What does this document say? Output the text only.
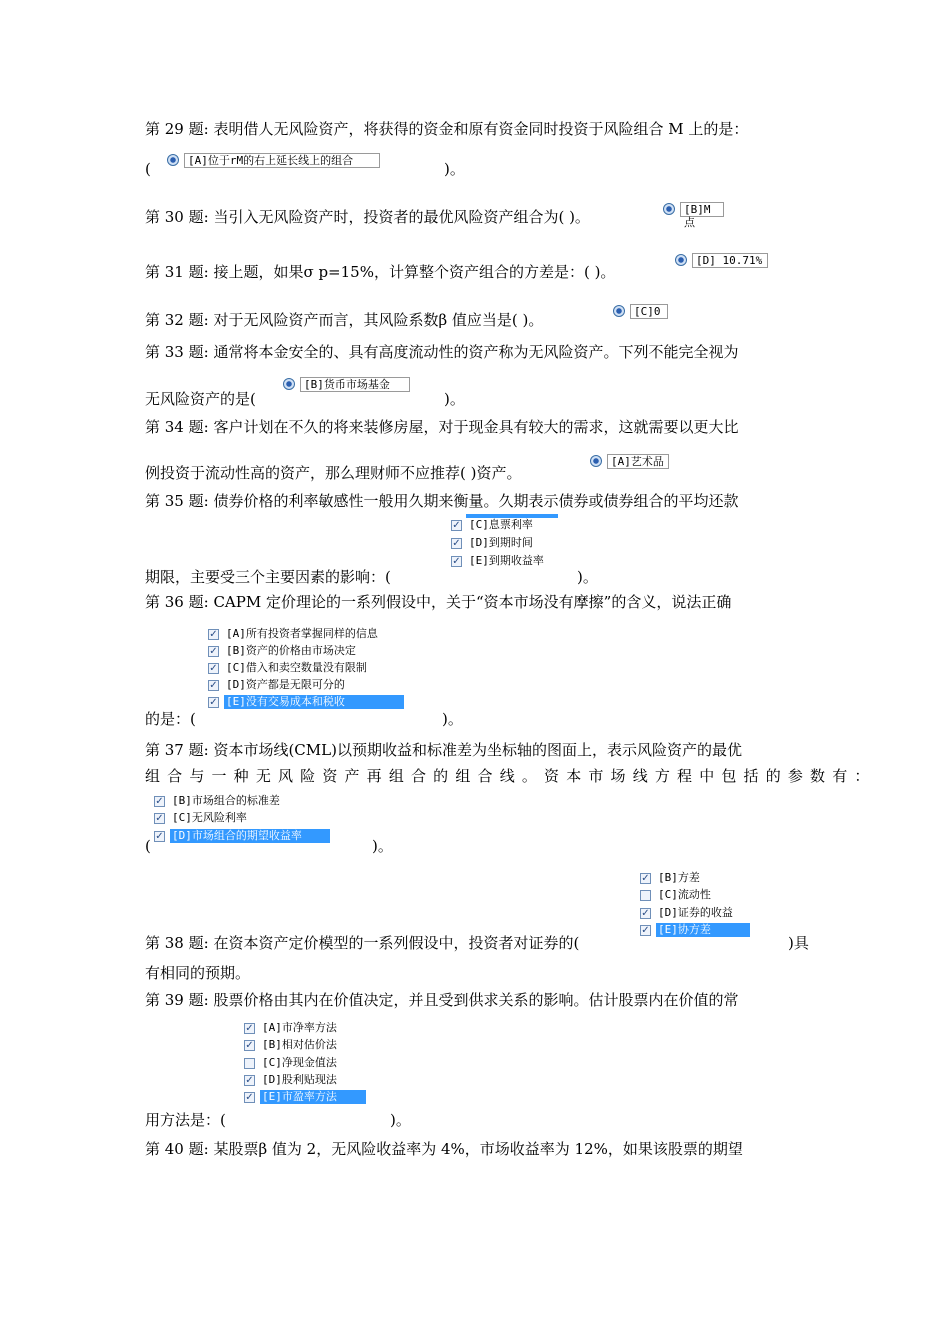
第 29 题: 表明借人无风险资产，将获得的资金和原有资金同时投资于风险组合 M 上的是：
(	[A]位于rM的右上延长线上的组合	)。
第 30 题: 当引入无风险资产时，投资者的最优风险资产组合为( )。	[B]M点
第 31 题: 接上题，如果σ p=15%，计算整个资产组合的方差是：( )。
[D] 10.71%
第 32 题: 对于无风险资产而言，其风险系数β 值应当是( )。	[C]0
第 33 题: 通常将本金安全的、具有高度流动性的资产称为无风险资产。下列不能完全视为
[B]货币市场基金
无风险资产的是(	)。
第 34 题: 客户计划在不久的将来装修房屋，对于现金具有较大的需求，这就需要以更大比
[A]艺术品
例投资于流动性高的资产，那么理财师不应推荐( )资产。
第 35 题: 债券价格的利率敏感性一般用久期来衡量。久期表示债券或债券组合的平均还款
✓ [C]息票利率
✓ [D]到期时间
✓ [E]到期收益率
期限，主要受三个主要因素的影响：(	)。
第 36 题: CAPM 定价理论的一系列假设中，关于“资本市场没有摩擦”的含义，说法正确
✓ [A]所有投资者掌握同样的信息
✓ [B]资产的价格由市场决定
✓ [C]借入和卖空数量没有限制
✓ [D]资产都是无限可分的
✓ [E]没有交易成本和税收
的是：(	)。
第 37 题: 资本市场线(CML)以预期收益和标准差为坐标轴的图面上，表示风险资产的最优
组 合 与 一 种 无 风 险 资 产 再 组 合 的 组 合 线 。 资 本 市 场 线 方 程 中 包 括 的 参 数 有 ：
✓ [B]市场组合的标准差
✓ [C]无风险利率
✓ [D]市场组合的期望收益率
(	)。
✓ [B]方差
[C]流动性
✓ [D]证券的收益
✓ [E]协方差
第 38 题: 在资本资产定价模型的一系列假设中，投资者对证券的(	)具
有相同的预期。
第 39 题: 股票价格由其内在价值决定，并且受到供求关系的影响。估计股票内在价值的常
✓ [A]市净率方法
✓ [B]相对估价法
[C]净现金值法
✓ [D]股利贴现法
✓ [E]市盈率方法
用方法是：(	)。
第 40 题: 某股票β 值为 2，无风险收益率为 4%，市场收益率为 12%，如果该股票的期望
